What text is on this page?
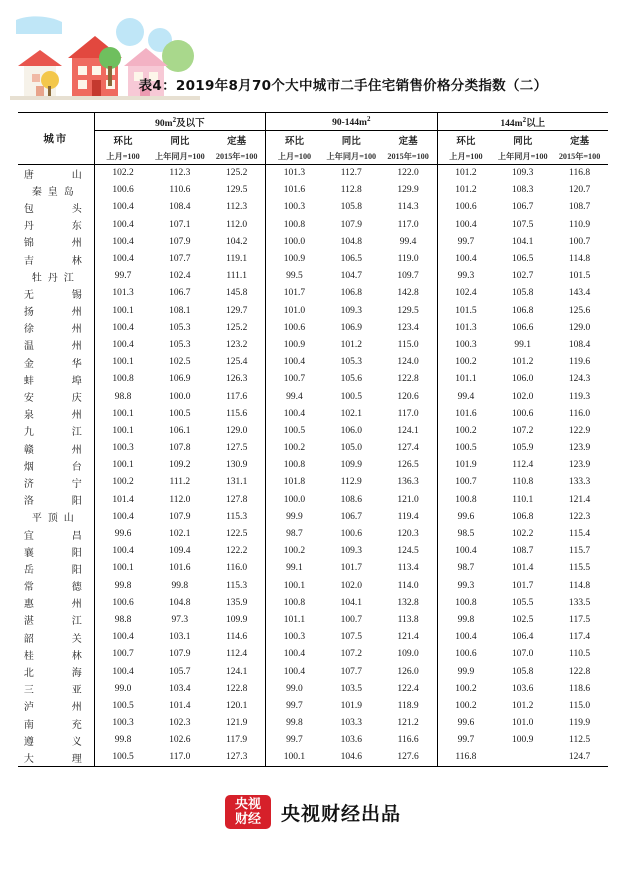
表4：2019年8月70个大中城市二手住宅销售价格分类指数（二）
城市	$90m^2$及以下			$90-144m^2$			$144m^2$以上		
	环比	同比	定基	环比	同比	定基	环比	同比	定基
	上月=100	上年同月=100	2015年=100	上月=100	上年同月=100	2015年=100	上月=100	上年同月=100	2015年=100
唐　　山	102.2	112.3	125.2	101.3	112.7	122.0	101.2	109.3	116.8
秦皇岛	100.6	110.6	129.5	101.6	112.8	129.9	101.2	108.3	120.7
包　　头	100.4	108.4	112.3	100.3	105.8	114.3	100.6	106.7	108.7
丹　　东	100.4	107.1	112.0	100.8	107.9	117.0	100.4	107.5	110.9
锦　　州	100.4	107.9	104.2	100.0	104.8	99.4	99.7	104.1	100.7
吉　　林	100.4	107.7	119.1	100.9	106.5	119.0	100.4	106.5	114.8
牡丹江	99.7	102.4	111.1	99.5	104.7	109.7	99.3	102.7	101.5
无　　锡	101.3	106.7	145.8	101.7	106.8	142.8	102.4	105.8	143.4
扬　　州	100.1	108.1	129.7	101.0	109.3	129.5	101.5	106.8	125.6
徐　　州	100.4	105.3	125.2	100.6	106.9	123.4	101.3	106.6	129.0
温　　州	100.4	105.3	123.2	100.9	101.2	115.0	100.3	99.1	108.4
金　　华	100.1	102.5	125.4	100.4	105.3	124.0	100.2	101.2	119.6
蚌　　埠	100.8	106.9	126.3	100.7	105.6	122.8	101.1	106.0	124.3
安　　庆	98.8	100.0	117.6	99.4	100.5	120.6	99.4	102.0	119.3
泉　　州	100.1	100.5	115.6	100.4	102.1	117.0	101.6	100.6	116.0
九　　江	100.1	106.1	129.0	100.5	106.0	124.1	100.2	107.2	122.9
赣　　州	100.3	107.8	127.5	100.2	105.0	127.4	100.5	105.9	123.9
烟　　台	100.1	109.2	130.9	100.8	109.9	126.5	101.9	112.4	123.9
济　　宁	100.2	111.2	131.1	101.8	112.9	136.3	100.7	110.8	133.3
洛　　阳	101.4	112.0	127.8	100.0	108.6	121.0	100.8	110.1	121.4
平顶山	100.4	107.9	115.3	99.9	106.7	119.4	99.6	106.8	122.3
宜　　昌	99.6	102.1	122.5	98.7	100.6	120.3	98.5	102.2	115.4
襄　　阳	100.4	109.4	122.2	100.2	109.3	124.5	100.4	108.7	115.7
岳　　阳	100.1	101.6	116.0	99.1	101.7	113.4	98.7	101.4	115.5
常　　德	99.8	99.8	115.3	100.1	102.0	114.0	99.3	101.7	114.8
惠　　州	100.6	104.8	135.9	100.8	104.1	132.8	100.8	105.5	133.5
湛　　江	98.8	97.3	109.9	101.1	100.7	113.8	99.8	102.5	117.5
韶　　关	100.4	103.1	114.6	100.3	107.5	121.4	100.4	106.4	117.4
桂　　林	100.7	107.9	112.4	100.4	107.2	109.0	100.6	107.0	110.5
北　　海	100.4	105.7	124.1	100.4	107.7	126.0	99.9	105.8	122.8
三　　亚	99.0	103.4	122.8	99.0	103.5	122.4	100.2	103.6	118.6
泸　　州	100.5	101.4	120.1	99.7	101.9	118.9	100.2	101.2	115.0
南　　充	100.3	102.3	121.9	99.8	103.3	121.2	99.6	101.0	119.9
遵　　义	99.8	102.6	117.9	99.7	103.6	116.6	99.7	100.9	112.5
大　　理	100.5	117.0	127.3	100.1	104.6	127.6	116.8		124.7
央视
财经 央视财经出品
